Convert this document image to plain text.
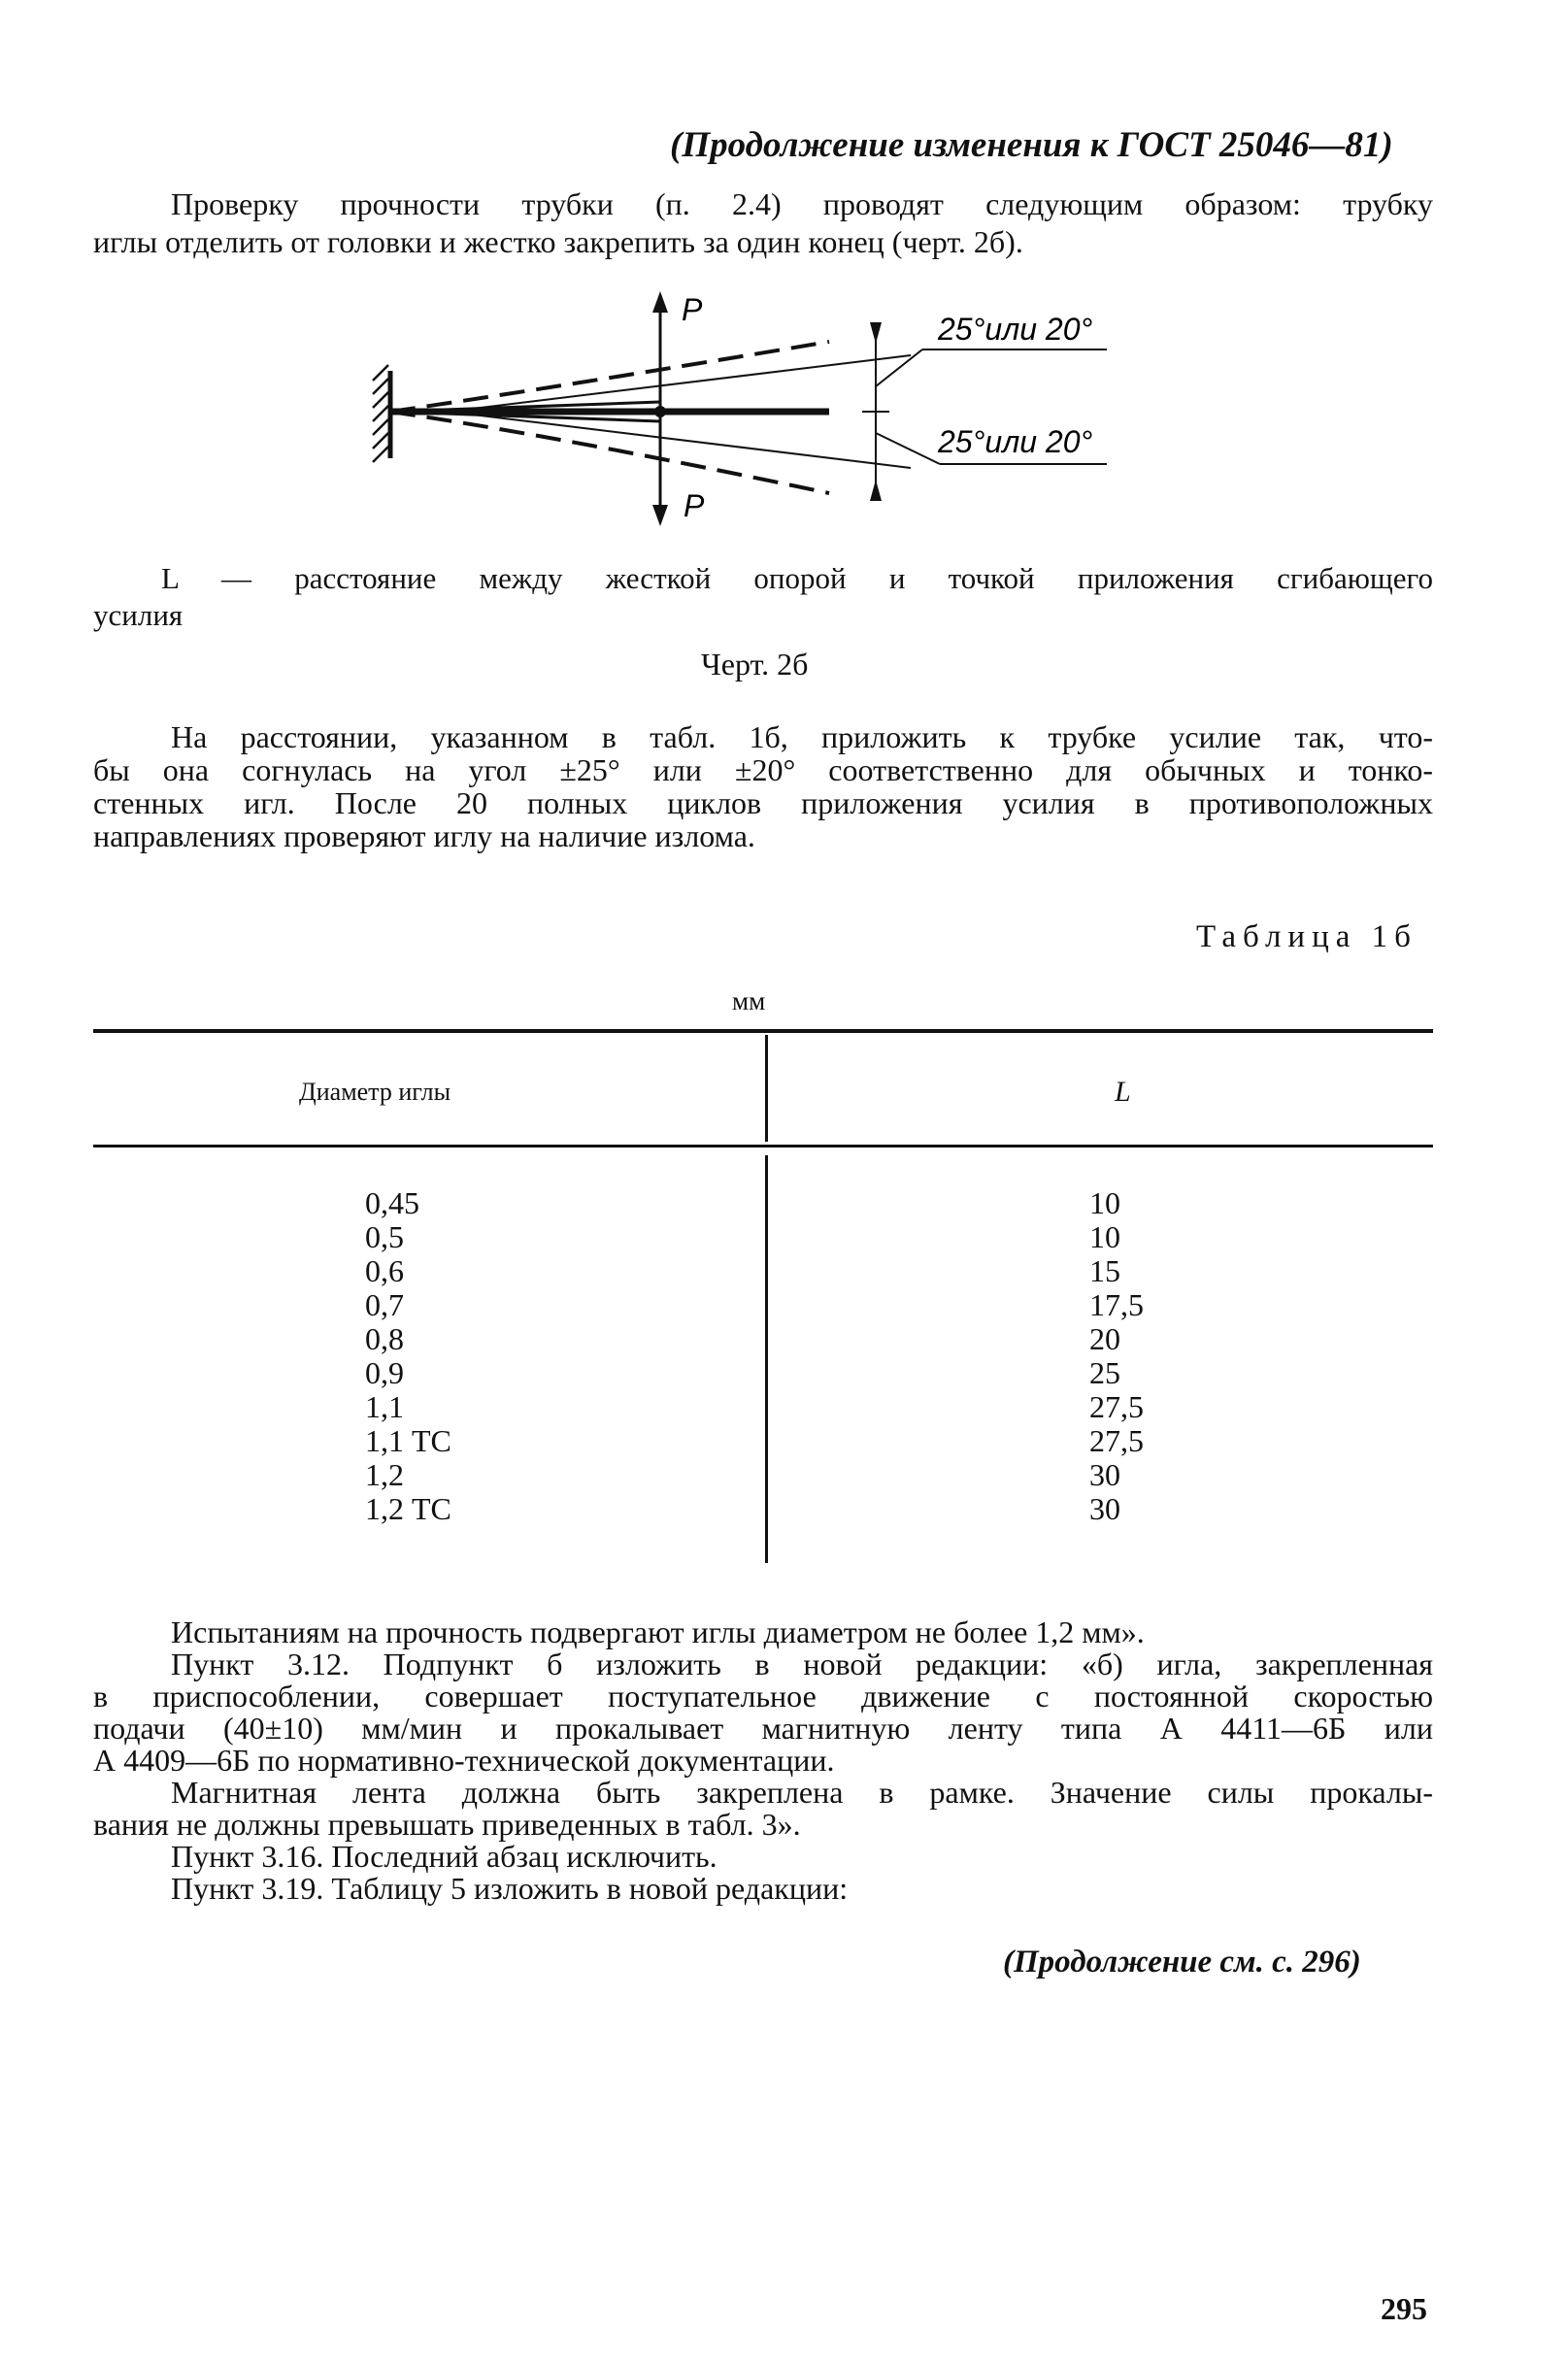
(Продолжение изменения к ГОСТ 25046—81)
Проверку прочности трубки (п. 2.4) проводят следующим образом: трубку
иглы отделить от головки и жестко закрепить за один конец (черт. 2б).
P
P
25°или 20°
25°или 20°
L — расстояние между жесткой опорой и точкой приложения сгибающего
усилия
Черт. 2б
На расстоянии, указанном в табл. 1б, приложить к трубке усилие так, что-
бы она согнулась на угол ±25° или ±20° соответственно для обычных и тонко-
стенных игл. После 20 полных циклов приложения усилия в противоположных
направлениях проверяют иглу на наличие излома.
Таблица 1б
мм
Диаметр иглы	L
0,45
0,5
0,6
0,7
0,8
0,9
1,1
1,1 ТС
1,2
1,2 ТС
10
10
15
17,5
20
25
27,5
27,5
30
30
Испытаниям на прочность подвергают иглы диаметром не более 1,2 мм».
Пункт 3.12. Подпункт б изложить в новой редакции: «б) игла, закрепленная
в приспособлении, совершает поступательное движение с постоянной скоростью
подачи (40±10) мм/мин и прокалывает магнитную ленту типа А 4411—6Б или
А 4409—6Б по нормативно-технической документации.
Магнитная лента должна быть закреплена в рамке. Значение силы прокалы-
вания не должны превышать приведенных в табл. 3».
Пункт 3.16. Последний абзац исключить.
Пункт 3.19. Таблицу 5 изложить в новой редакции:
(Продолжение см. с. 296)
295
